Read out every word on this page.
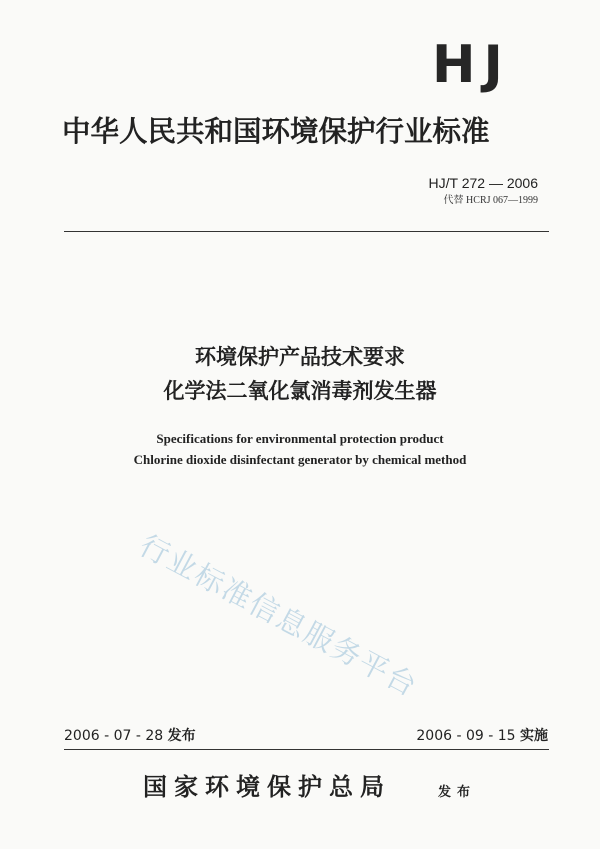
HJ
中华人民共和国环境保护行业标准
HJ/T 272 — 2006
代替 HCRJ 067—1999
环境保护产品技术要求
化学法二氧化氯消毒剂发生器
Specifications for environmental protection product
Chlorine dioxide disinfectant generator by chemical method
行业标准信息服务平台
2006 - 07 - 28 发布	2006 - 09 - 15 实施
国家环境保护总局	发布
